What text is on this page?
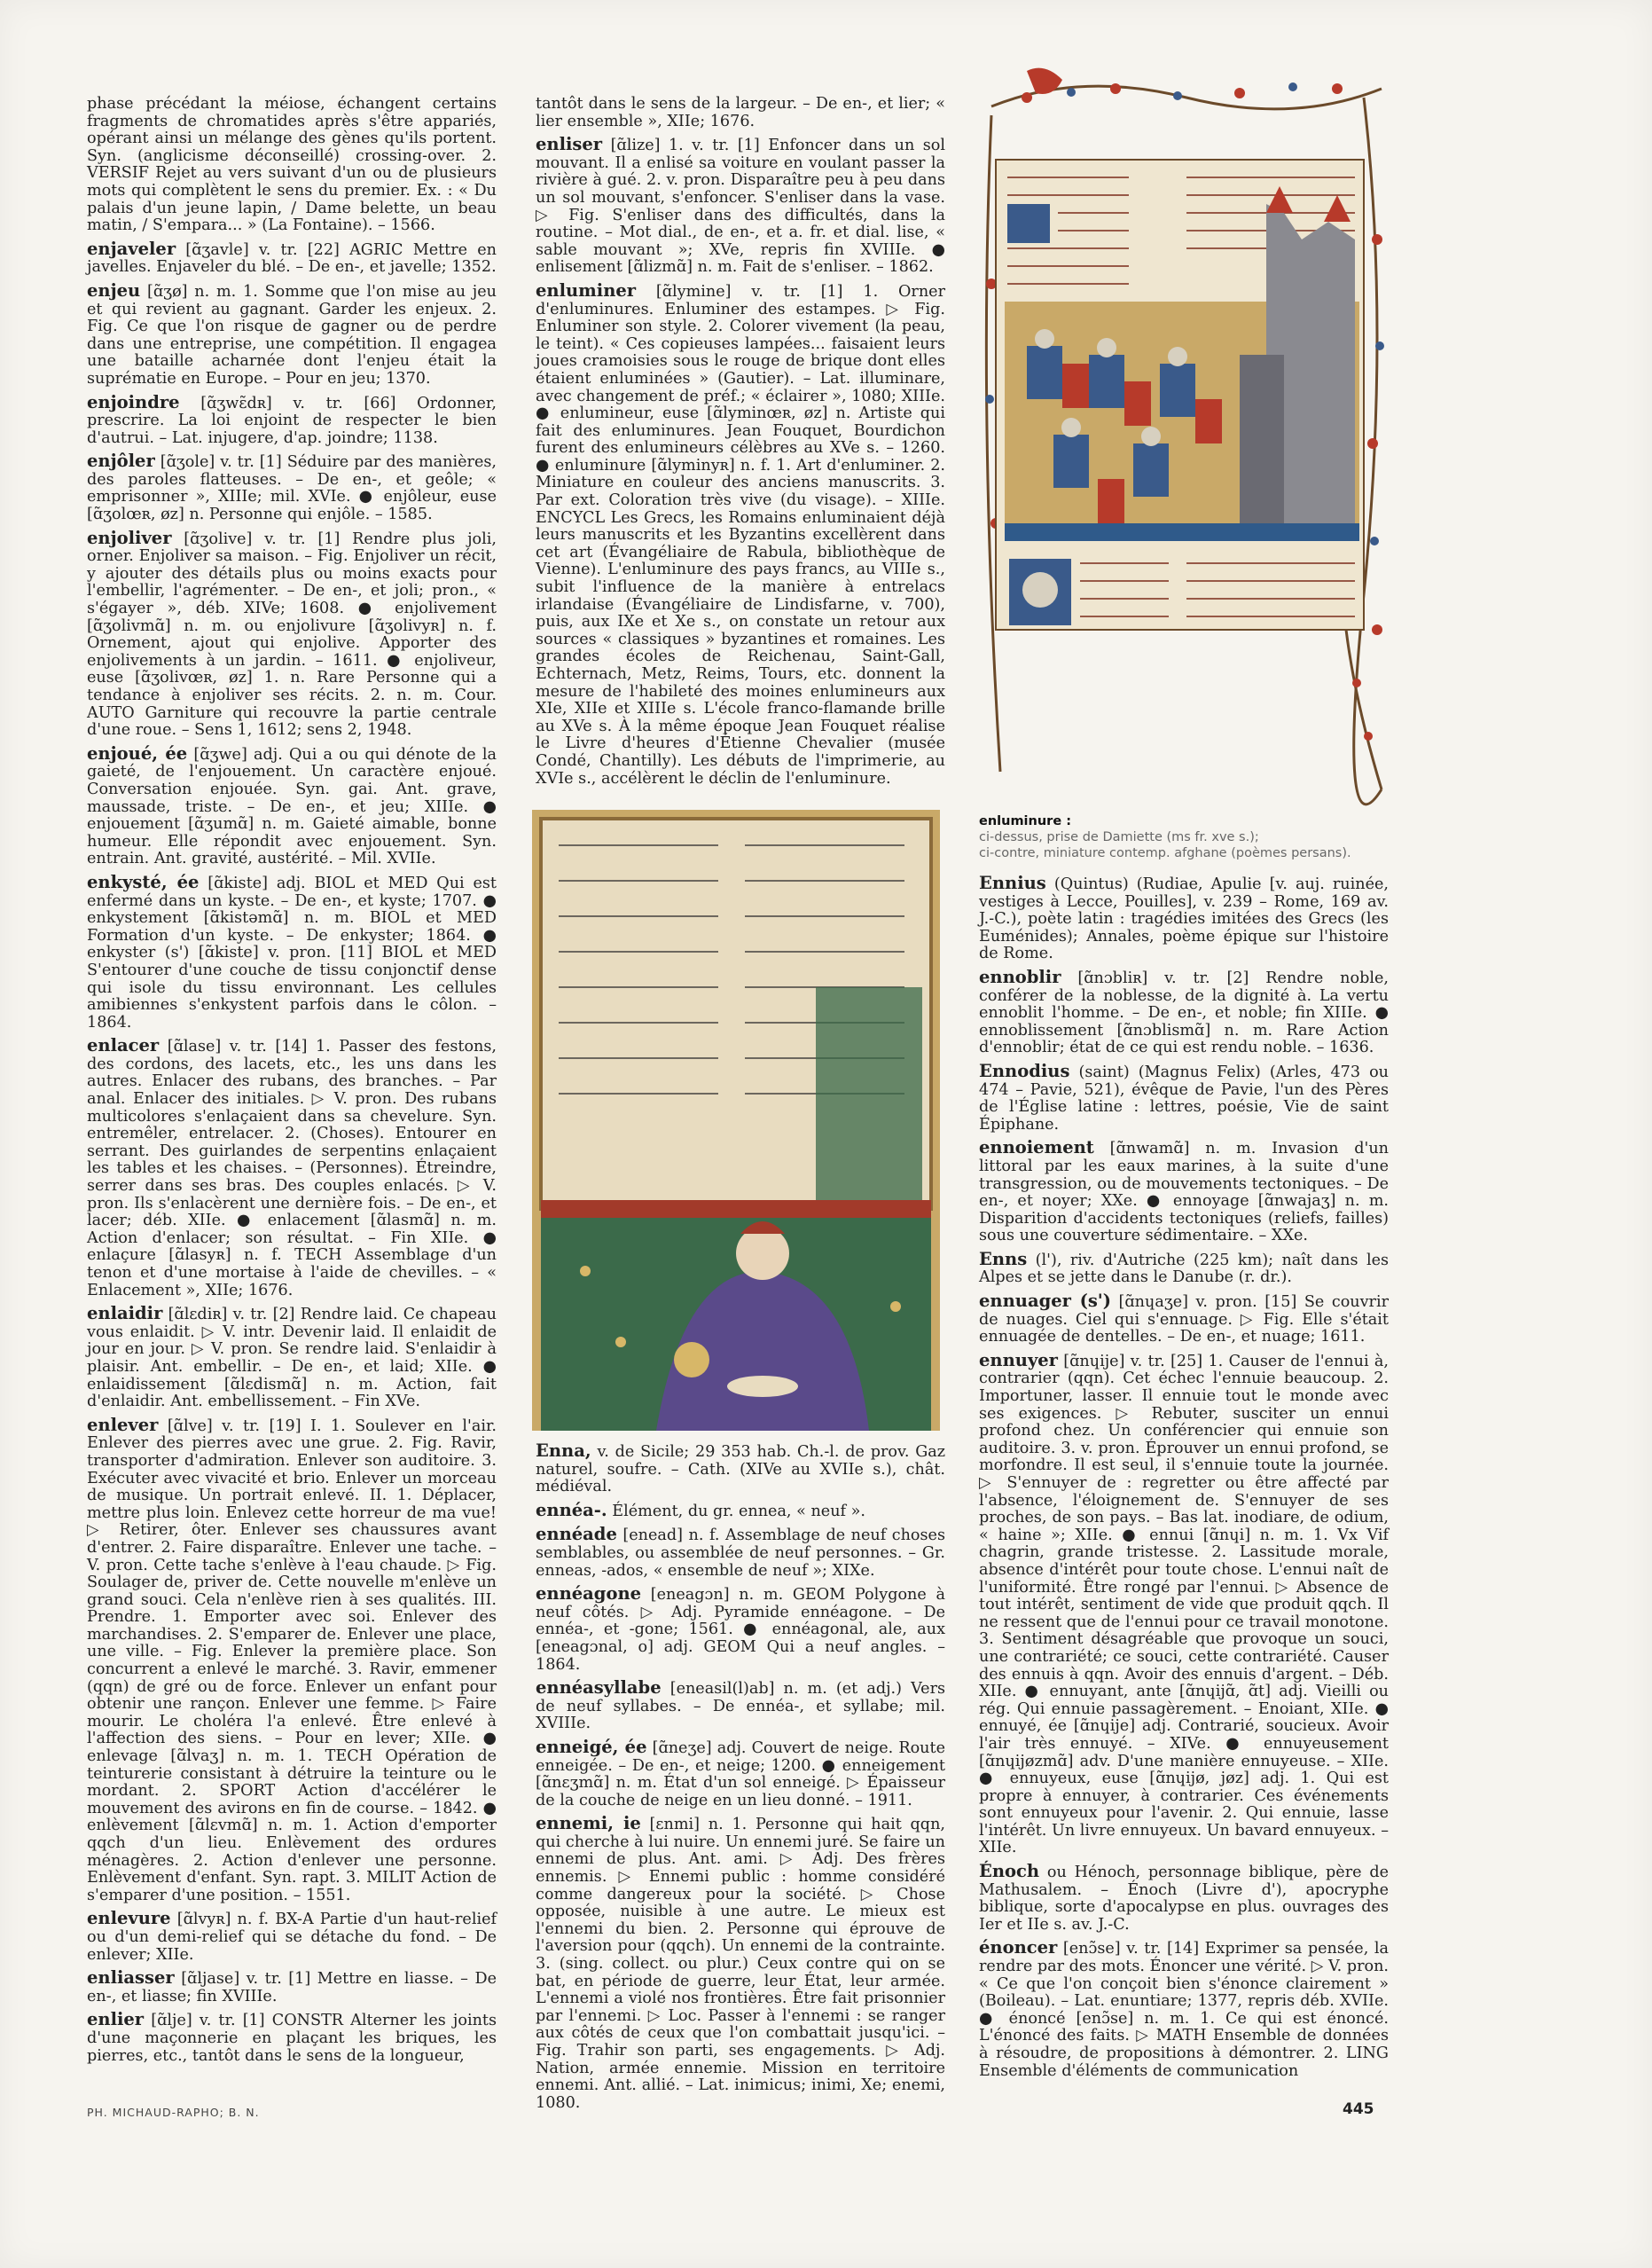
phase précédant la méiose, échangent certains fragments de chromatides après s'être appariés, opérant ainsi un mélange des gènes qu'ils portent. Syn. (anglicisme déconseillé) crossing-over. 2. VERSIF Rejet au vers suivant d'un ou de plusieurs mots qui complètent le sens du premier. Ex. : « Du palais d'un jeune lapin, / Dame belette, un beau matin, / S'empara... » (La Fontaine). – 1566.

enjaveler [ɑ̃ʒavle] v. tr. [22] AGRIC Mettre en javelles. Enjaveler du blé. – De en-, et javelle; 1352.

enjeu [ɑ̃ʒø] n. m. 1. Somme que l'on mise au jeu et qui revient au gagnant. Garder les enjeux. 2. Fig. Ce que l'on risque de gagner ou de perdre dans une entreprise, une compétition. Il engagea une bataille acharnée dont l'enjeu était la suprématie en Europe. – Pour en jeu; 1370.

enjoindre [ɑ̃ʒwɛ̃dʀ] v. tr. [66] Ordonner, prescrire. La loi enjoint de respecter le bien d'autrui. – Lat. injugere, d'ap. joindre; 1138.

enjôler [ɑ̃ʒole] v. tr. [1] Séduire par des manières, des paroles flatteuses. – De en-, et geôle; « emprisonner », XIIIe; mil. XVIe. ● enjôleur, euse [ɑ̃ʒolœʀ, øz] n. Personne qui enjôle. – 1585.

enjoliver [ɑ̃ʒolive] v. tr. [1] Rendre plus joli, orner. Enjoliver sa maison. – Fig. Enjoliver un récit, y ajouter des détails plus ou moins exacts pour l'embellir, l'agrémenter. – De en-, et joli; pron., « s'égayer », déb. XIVe; 1608. ● enjolivement [ɑ̃ʒolivmɑ̃] n. m. ou enjolivure [ɑ̃ʒolivyʀ] n. f. Ornement, ajout qui enjolive. Apporter des enjolivements à un jardin. – 1611. ● enjoliveur, euse [ɑ̃ʒolivœʀ, øz] 1. n. Rare Personne qui a tendance à enjoliver ses récits. 2. n. m. Cour. AUTO Garniture qui recouvre la partie centrale d'une roue. – Sens 1, 1612; sens 2, 1948.

enjoué, ée [ɑ̃ʒwe] adj. Qui a ou qui dénote de la gaieté, de l'enjouement. Un caractère enjoué. Conversation enjouée. Syn. gai. Ant. grave, maussade, triste. – De en-, et jeu; XIIIe. ● enjouement [ɑ̃ʒumɑ̃] n. m. Gaieté aimable, bonne humeur. Elle répondit avec enjouement. Syn. entrain. Ant. gravité, austérité. – Mil. XVIIe.

enkysté, ée [ɑ̃kiste] adj. BIOL et MED Qui est enfermé dans un kyste. – De en-, et kyste; 1707. ● enkystement [ɑ̃kistəmɑ̃] n. m. BIOL et MED Formation d'un kyste. – De enkyster; 1864. ● enkyster (s') [ɑ̃kiste] v. pron. [11] BIOL et MED S'entourer d'une couche de tissu conjonctif dense qui isole du tissu environnant. Les cellules amibiennes s'enkystent parfois dans le côlon. – 1864.

enlacer [ɑ̃lase] v. tr. [14] 1. Passer des festons, des cordons, des lacets, etc., les uns dans les autres. Enlacer des rubans, des branches. – Par anal. Enlacer des initiales. ▷ V. pron. Des rubans multicolores s'enlaçaient dans sa chevelure. Syn. entremêler, entrelacer. 2. (Choses). Entourer en serrant. Des guirlandes de serpentins enlaçaient les tables et les chaises. – (Personnes). Étreindre, serrer dans ses bras. Des couples enlacés. ▷ V. pron. Ils s'enlacèrent une dernière fois. – De en-, et lacer; déb. XIIe. ● enlacement [ɑ̃lasmɑ̃] n. m. Action d'enlacer; son résultat. – Fin XIIe. ● enlaçure [ɑ̃lasyʀ] n. f. TECH Assemblage d'un tenon et d'une mortaise à l'aide de chevilles. – « Enlacement », XIIe; 1676.

enlaidir [ɑ̃lɛdiʀ] v. tr. [2] Rendre laid. Ce chapeau vous enlaidit. ▷ V. intr. Devenir laid. Il enlaidit de jour en jour. ▷ V. pron. Se rendre laid. S'enlaidir à plaisir. Ant. embellir. – De en-, et laid; XIIe. ● enlaidissement [ɑ̃lɛdismɑ̃] n. m. Action, fait d'enlaidir. Ant. embellissement. – Fin XVe.

enlever [ɑ̃lve] v. tr. [19] I. 1. Soulever en l'air. Enlever des pierres avec une grue. 2. Fig. Ravir, transporter d'admiration. Enlever son auditoire. 3. Exécuter avec vivacité et brio. Enlever un morceau de musique. Un portrait enlevé. II. 1. Déplacer, mettre plus loin. Enlevez cette horreur de ma vue! ▷ Retirer, ôter. Enlever ses chaussures avant d'entrer. 2. Faire disparaître. Enlever une tache. – V. pron. Cette tache s'enlève à l'eau chaude. ▷ Fig. Soulager de, priver de. Cette nouvelle m'enlève un grand souci. Cela n'enlève rien à ses qualités. III. Prendre. 1. Emporter avec soi. Enlever des marchandises. 2. S'emparer de. Enlever une place, une ville. – Fig. Enlever la première place. Son concurrent a enlevé le marché. 3. Ravir, emmener (qqn) de gré ou de force. Enlever un enfant pour obtenir une rançon. Enlever une femme. ▷ Faire mourir. Le choléra l'a enlevé. Être enlevé à l'affection des siens. – Pour en lever; XIIe. ● enlevage [ɑ̃lvaʒ] n. m. 1. TECH Opération de teinturerie consistant à détruire la teinture ou le mordant. 2. SPORT Action d'accélérer le mouvement des avirons en fin de course. – 1842. ● enlèvement [ɑ̃lɛvmɑ̃] n. m. 1. Action d'emporter qqch d'un lieu. Enlèvement des ordures ménagères. 2. Action d'enlever une personne. Enlèvement d'enfant. Syn. rapt. 3. MILIT Action de s'emparer d'une position. – 1551.

enlevure [ɑ̃lvyʀ] n. f. BX-A Partie d'un haut-relief ou d'un demi-relief qui se détache du fond. – De enlever; XIIe.

enliasser [ɑ̃ljase] v. tr. [1] Mettre en liasse. – De en-, et liasse; fin XVIIIe.

enlier [ɑ̃lje] v. tr. [1] CONSTR Alterner les joints d'une maçonnerie en plaçant les briques, les pierres, etc., tantôt dans le sens de la longueur,

tantôt dans le sens de la largeur. – De en-, et lier; « lier ensemble », XIIe; 1676.

enliser [ɑ̃lize] 1. v. tr. [1] Enfoncer dans un sol mouvant. Il a enlisé sa voiture en voulant passer la rivière à gué. 2. v. pron. Disparaître peu à peu dans un sol mouvant, s'enfoncer. S'enliser dans la vase. ▷ Fig. S'enliser dans des difficultés, dans la routine. – Mot dial., de en-, et a. fr. et dial. lise, « sable mouvant »; XVe, repris fin XVIIIe. ● enlisement [ɑ̃lizmɑ̃] n. m. Fait de s'enliser. – 1862.

enluminer [ɑ̃lymine] v. tr. [1] 1. Orner d'enluminures. Enluminer des estampes. ▷ Fig. Enluminer son style. 2. Colorer vivement (la peau, le teint). « Ces copieuses lampées... faisaient leurs joues cramoisies sous le rouge de brique dont elles étaient enluminées » (Gautier). – Lat. illuminare, avec changement de préf.; « éclairer », 1080; XIIIe. ● enlumineur, euse [ɑ̃lyminœʀ, øz] n. Artiste qui fait des enluminures. Jean Fouquet, Bourdichon furent des enlumineurs célèbres au XVe s. – 1260. ● enluminure [ɑ̃lyminyʀ] n. f. 1. Art d'enluminer. 2. Miniature en couleur des anciens manuscrits. 3. Par ext. Coloration très vive (du visage). – XIIIe. ENCYCL Les Grecs, les Romains enluminaient déjà leurs manuscrits et les Byzantins excellèrent dans cet art (Évangéliaire de Rabula, bibliothèque de Vienne). L'enluminure des pays francs, au VIIIe s., subit l'influence de la manière à entrelacs irlandaise (Évangéliaire de Lindisfarne, v. 700), puis, aux IXe et Xe s., on constate un retour aux sources « classiques » byzantines et romaines. Les grandes écoles de Reichenau, Saint-Gall, Echternach, Metz, Reims, Tours, etc. donnent la mesure de l'habileté des moines enlumineurs aux XIe, XIIe et XIIIe s. L'école franco-flamande brille au XVe s. À la même époque Jean Fouquet réalise le Livre d'heures d'Étienne Chevalier (musée Condé, Chantilly). Les débuts de l'imprimerie, au XVIe s., accélèrent le déclin de l'enluminure.

Enna, v. de Sicile; 29 353 hab. Ch.-l. de prov. Gaz naturel, soufre. – Cath. (XIVe au XVIIe s.), chât. médiéval.

ennéa-. Élément, du gr. ennea, « neuf ».

ennéade [enead] n. f. Assemblage de neuf choses semblables, ou assemblée de neuf personnes. – Gr. enneas, -ados, « ensemble de neuf »; XIXe.

ennéagone [eneagɔn] n. m. GEOM Polygone à neuf côtés. ▷ Adj. Pyramide ennéagone. – De ennéa-, et -gone; 1561. ● ennéagonal, ale, aux [eneagɔnal, o] adj. GEOM Qui a neuf angles. – 1864.

ennéasyllabe [eneasil(l)ab] n. m. (et adj.) Vers de neuf syllabes. – De ennéa-, et syllabe; mil. XVIIIe.

enneigé, ée [ɑ̃neʒe] adj. Couvert de neige. Route enneigée. – De en-, et neige; 1200. ● enneigement [ɑ̃nɛʒmɑ̃] n. m. État d'un sol enneigé. ▷ Épaisseur de la couche de neige en un lieu donné. – 1911.

ennemi, ie [ɛnmi] n. 1. Personne qui hait qqn, qui cherche à lui nuire. Un ennemi juré. Se faire un ennemi de plus. Ant. ami. ▷ Adj. Des frères ennemis. ▷ Ennemi public : homme considéré comme dangereux pour la société. ▷ Chose opposée, nuisible à une autre. Le mieux est l'ennemi du bien. 2. Personne qui éprouve de l'aversion pour (qqch). Un ennemi de la contrainte. 3. (sing. collect. ou plur.) Ceux contre qui on se bat, en période de guerre, leur État, leur armée. L'ennemi a violé nos frontières. Être fait prisonnier par l'ennemi. ▷ Loc. Passer à l'ennemi : se ranger aux côtés de ceux que l'on combattait jusqu'ici. – Fig. Trahir son parti, ses engagements. ▷ Adj. Nation, armée ennemie. Mission en territoire ennemi. Ant. allié. – Lat. inimicus; inimi, Xe; enemi, 1080.

Ennius (Quintus) (Rudiae, Apulie [v. auj. ruinée, vestiges à Lecce, Pouilles], v. 239 – Rome, 169 av. J.-C.), poète latin : tragédies imitées des Grecs (les Euménides); Annales, poème épique sur l'histoire de Rome.

ennoblir [ɑ̃nɔbliʀ] v. tr. [2] Rendre noble, conférer de la noblesse, de la dignité à. La vertu ennoblit l'homme. – De en-, et noble; fin XIIIe. ● ennoblissement [ɑ̃nɔblismɑ̃] n. m. Rare Action d'ennoblir; état de ce qui est rendu noble. – 1636.

Ennodius (saint) (Magnus Felix) (Arles, 473 ou 474 – Pavie, 521), évêque de Pavie, l'un des Pères de l'Église latine : lettres, poésie, Vie de saint Épiphane.

ennoiement [ɑ̃nwamɑ̃] n. m. Invasion d'un littoral par les eaux marines, à la suite d'une transgression, ou de mouvements tectoniques. – De en-, et noyer; XXe. ● ennoyage [ɑ̃nwajaʒ] n. m. Disparition d'accidents tectoniques (reliefs, failles) sous une couverture sédimentaire. – XXe.

Enns (l'), riv. d'Autriche (225 km); naît dans les Alpes et se jette dans le Danube (r. dr.).

ennuager (s') [ɑ̃nɥaʒe] v. pron. [15] Se couvrir de nuages. Ciel qui s'ennuage. ▷ Fig. Elle s'était ennuagée de dentelles. – De en-, et nuage; 1611.

ennuyer [ɑ̃nɥije] v. tr. [25] 1. Causer de l'ennui à, contrarier (qqn). Cet échec l'ennuie beaucoup. 2. Importuner, lasser. Il ennuie tout le monde avec ses exigences. ▷ Rebuter, susciter un ennui profond chez. Un conférencier qui ennuie son auditoire. 3. v. pron. Éprouver un ennui profond, se morfondre. Il est seul, il s'ennuie toute la journée. ▷ S'ennuyer de : regretter ou être affecté par l'absence, l'éloignement de. S'ennuyer de ses proches, de son pays. – Bas lat. inodiare, de odium, « haine »; XIIe. ● ennui [ɑ̃nɥi] n. m. 1. Vx Vif chagrin, grande tristesse. 2. Lassitude morale, absence d'intérêt pour toute chose. L'ennui naît de l'uniformité. Être rongé par l'ennui. ▷ Absence de tout intérêt, sentiment de vide que produit qqch. Il ne ressent que de l'ennui pour ce travail monotone. 3. Sentiment désagréable que provoque un souci, une contrariété; ce souci, cette contrariété. Causer des ennuis à qqn. Avoir des ennuis d'argent. – Déb. XIIe. ● ennuyant, ante [ɑ̃nɥijɑ̃, ɑ̃t] adj. Vieilli ou rég. Qui ennuie passagèrement. – Enoiant, XIIe. ● ennuyé, ée [ɑ̃nɥije] adj. Contrarié, soucieux. Avoir l'air très ennuyé. – XIVe. ● ennuyeusement [ɑ̃nɥijøzmɑ̃] adv. D'une manière ennuyeuse. – XIIe. ● ennuyeux, euse [ɑ̃nɥijø, jøz] adj. 1. Qui est propre à ennuyer, à contrarier. Ces événements sont ennuyeux pour l'avenir. 2. Qui ennuie, lasse l'intérêt. Un livre ennuyeux. Un bavard ennuyeux. – XIIe.

Énoch ou Hénoch, personnage biblique, père de Mathusalem. – Énoch (Livre d'), apocryphe biblique, sorte d'apocalypse en plus. ouvrages des Ier et IIe s. av. J.-C.

énoncer [enɔ̃se] v. tr. [14] Exprimer sa pensée, la rendre par des mots. Énoncer une vérité. ▷ V. pron. « Ce que l'on conçoit bien s'énonce clairement » (Boileau). – Lat. enuntiare; 1377, repris déb. XVIIe. ● énoncé [enɔ̃se] n. m. 1. Ce qui est énoncé. L'énoncé des faits. ▷ MATH Ensemble de données à résoudre, de propositions à démontrer. 2. LING Ensemble d'éléments de communication

enluminure :
ci-dessus, prise de Damiette (ms fr. xve s.);
ci-contre, miniature contemp. afghane (poèmes persans).
PH. MICHAUD-RAPHO; B. N.	445
